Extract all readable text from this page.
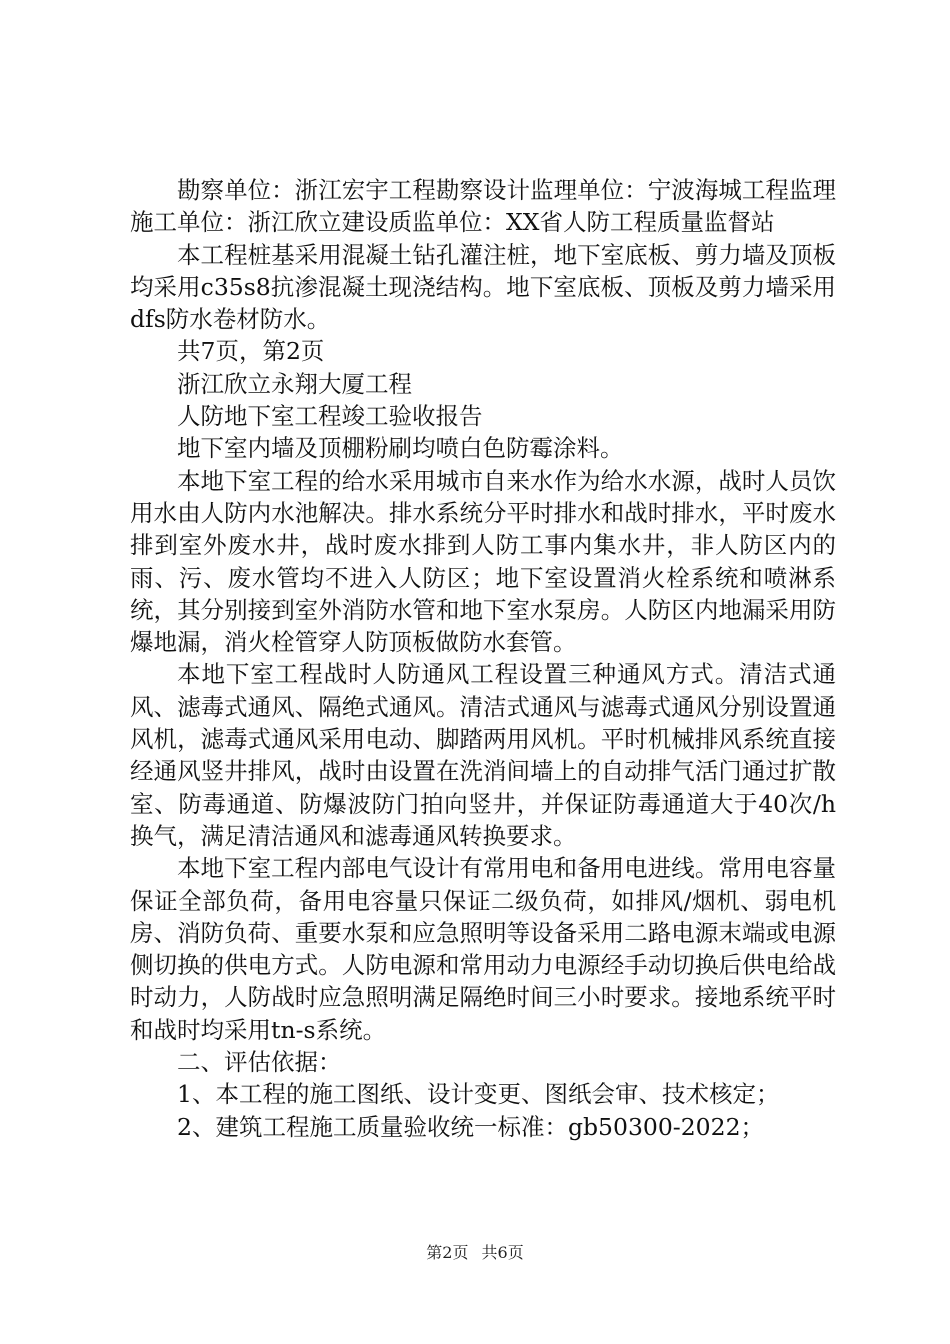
勘察单位：浙江宏宇工程勘察设计监理单位：宁波海城工程监理施工单位：浙江欣立建设质监单位：XX省人防工程质量监督站

本工程桩基采用混凝土钻孔灌注桩，地下室底板、剪力墙及顶板均采用c35s8抗渗混凝土现浇结构。地下室底板、顶板及剪力墙采用dfs防水卷材防水。

共7页，第2页

浙江欣立永翔大厦工程

人防地下室工程竣工验收报告

地下室内墙及顶棚粉刷均喷白色防霉涂料。

本地下室工程的给水采用城市自来水作为给水水源，战时人员饮用水由人防内水池解决。排水系统分平时排水和战时排水，平时废水排到室外废水井，战时废水排到人防工事内集水井，非人防区内的雨、污、废水管均不进入人防区；地下室设置消火栓系统和喷淋系统，其分别接到室外消防水管和地下室水泵房。人防区内地漏采用防爆地漏，消火栓管穿人防顶板做防水套管。

本地下室工程战时人防通风工程设置三种通风方式。清洁式通风、滤毒式通风、隔绝式通风。清洁式通风与滤毒式通风分别设置通风机，滤毒式通风采用电动、脚踏两用风机。平时机械排风系统直接经通风竖井排风，战时由设置在洗消间墙上的自动排气活门通过扩散室、防毒通道、防爆波防门拍向竖井，并保证防毒通道大于40次/h换气，满足清洁通风和滤毒通风转换要求。

本地下室工程内部电气设计有常用电和备用电进线。常用电容量保证全部负荷，备用电容量只保证二级负荷，如排风/烟机、弱电机房、消防负荷、重要水泵和应急照明等设备采用二路电源末端或电源侧切换的供电方式。人防电源和常用动力电源经手动切换后供电给战时动力，人防战时应急照明满足隔绝时间三小时要求。接地系统平时和战时均采用tn-s系统。

二、评估依据：

1、本工程的施工图纸、设计变更、图纸会审、技术核定；

2、建筑工程施工质量验收统一标准：gb50300-2022；

第2页 共6页
